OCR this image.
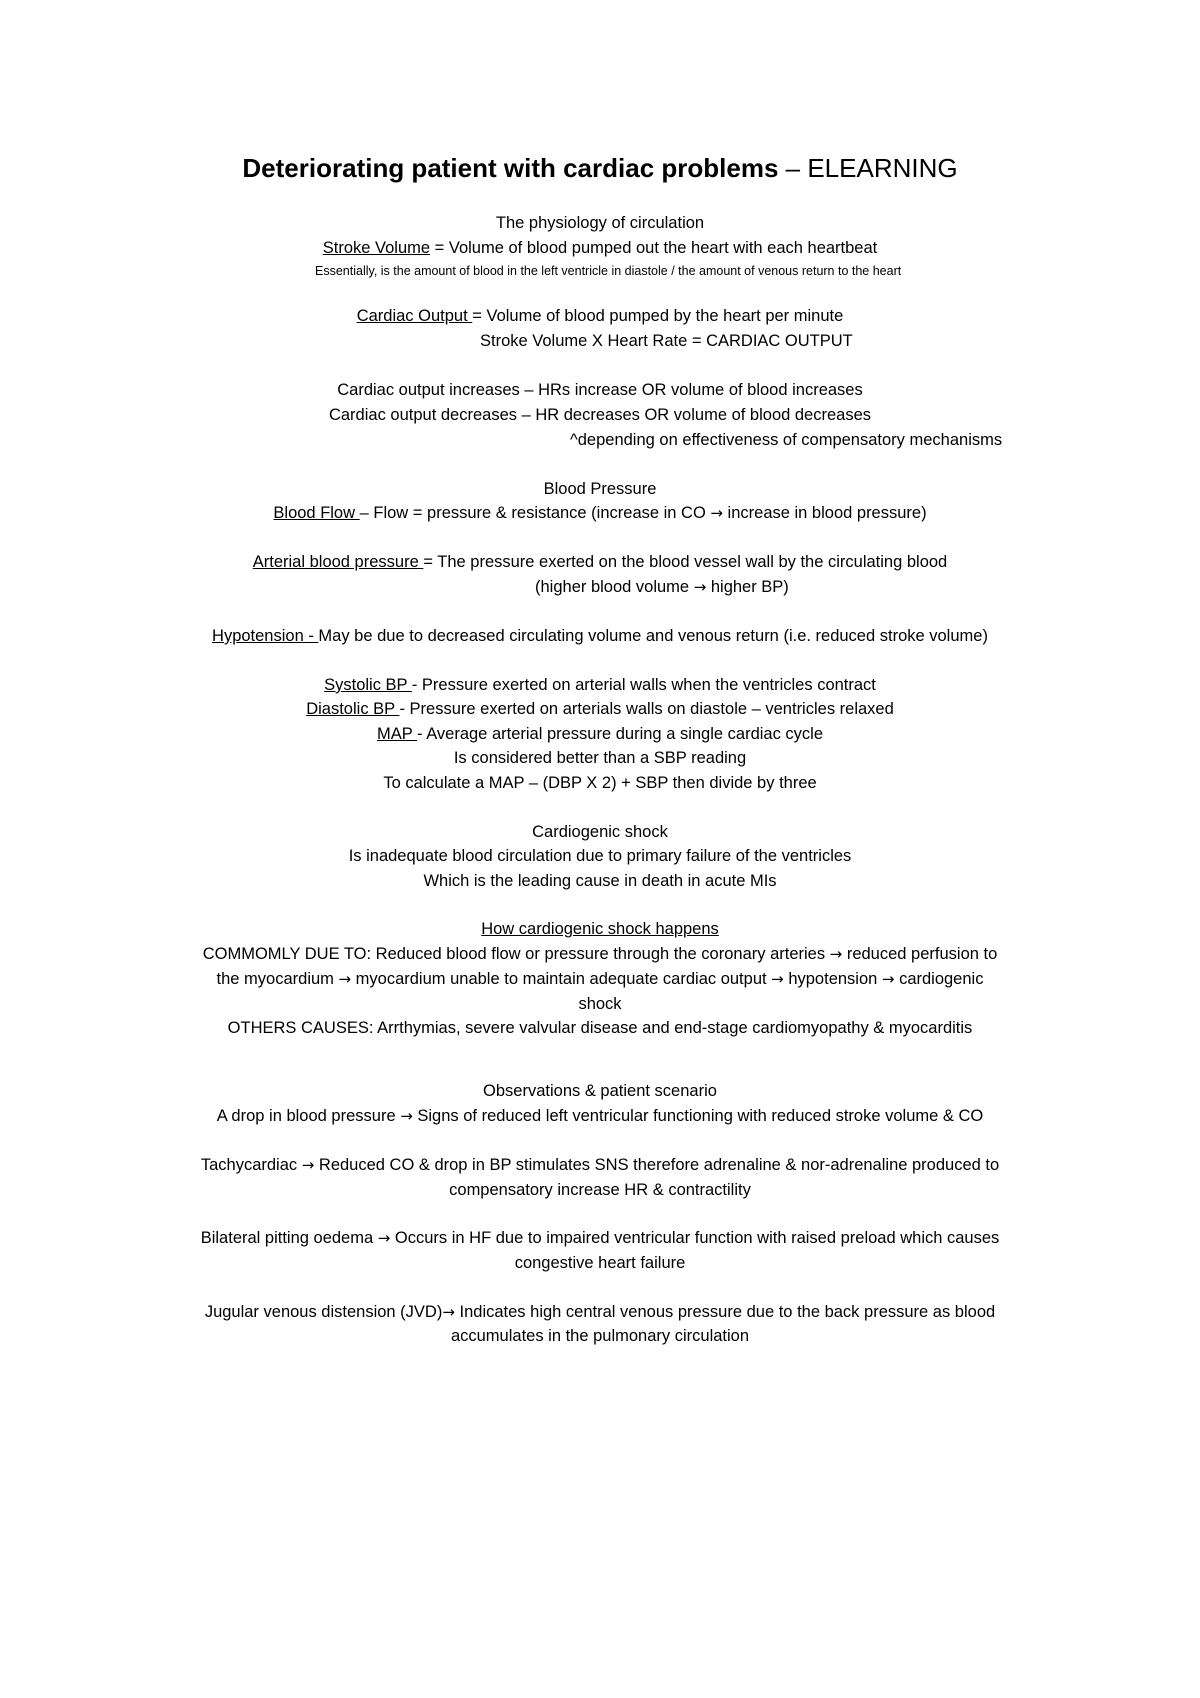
Deteriorating patient with cardiac problems – ELEARNING

The physiology of circulation

Stroke Volume = Volume of blood pumped out the heart with each heartbeat

Essentially, is the amount of blood in the left ventricle in diastole / the amount of venous return to the heart

Cardiac Output = Volume of blood pumped by the heart per minute

Stroke Volume X Heart Rate = CARDIAC OUTPUT

Cardiac output increases – HRs increase OR volume of blood increases

Cardiac output decreases – HR decreases OR volume of blood decreases

^depending on effectiveness of compensatory mechanisms

Blood Pressure

Blood Flow – Flow = pressure & resistance (increase in CO → increase in blood pressure)

Arterial blood pressure = The pressure exerted on the blood vessel wall by the circulating blood

(higher blood volume → higher BP)

Hypotension - May be due to decreased circulating volume and venous return (i.e. reduced stroke volume)

Systolic BP - Pressure exerted on arterial walls when the ventricles contract

Diastolic BP - Pressure exerted on arterials walls on diastole – ventricles relaxed

MAP - Average arterial pressure during a single cardiac cycle

Is considered better than a SBP reading

To calculate a MAP – (DBP X 2) + SBP then divide by three

Cardiogenic shock

Is inadequate blood circulation due to primary failure of the ventricles

Which is the leading cause in death in acute MIs

How cardiogenic shock happens

COMMOMLY DUE TO: Reduced blood flow or pressure through the coronary arteries → reduced perfusion to

the myocardium → myocardium unable to maintain adequate cardiac output → hypotension → cardiogenic

shock

OTHERS CAUSES: Arrthymias, severe valvular disease and end-stage cardiomyopathy & myocarditis

Observations & patient scenario

A drop in blood pressure → Signs of reduced left ventricular functioning with reduced stroke volume & CO

Tachycardiac → Reduced CO & drop in BP stimulates SNS therefore adrenaline & nor-adrenaline produced to

compensatory increase HR & contractility

Bilateral pitting oedema → Occurs in HF due to impaired ventricular function with raised preload which causes

congestive heart failure

Jugular venous distension (JVD)→ Indicates high central venous pressure due to the back pressure as blood

accumulates in the pulmonary circulation
